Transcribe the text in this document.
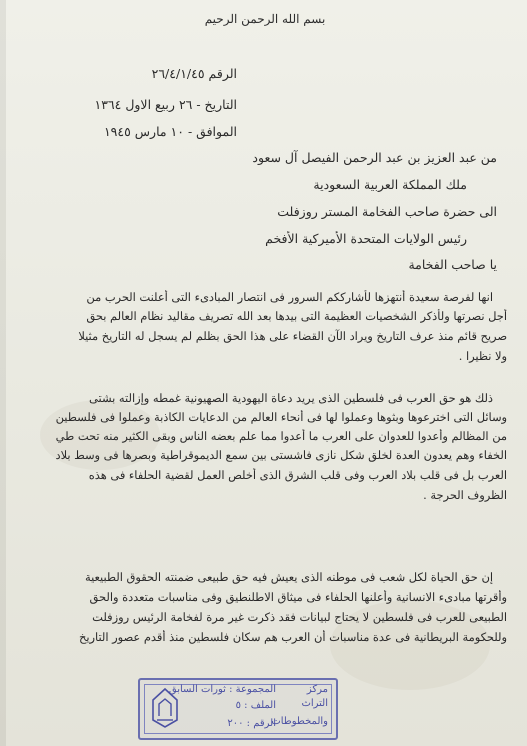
بسم الله الرحمن الرحيم
الرقم ٢٦/٤/١/٤٥
التاريخ - ٢٦ ربيع الاول ١٣٦٤
الموافق - ١٠ مارس ١٩٤٥
من عبد العزيز بن عبد الرحمن الفيصل آل سعود
ملك المملكة العربية السعودية
الى حضرة صاحب الفخامة المستر روزفلت
رئيس الولايات المتحدة الأميركية الأفخم
يا صاحب الفخامة
انها لفرصة سعيدة أنتهزها لأشارككم السرور فى انتصار المبادىء التى أعلنت الحرب من
أجل نصرتها ولأذكر الشخصيات العظيمة التى بيدها بعد الله تصريف مقاليد نظام العالم بحق
صريح قائم منذ عرف التاريخ ويراد الآن القضاء على هذا الحق بظلم لم يسجل له التاريخ مثيلا
ولا نظيرا .
ذلك هو حق العرب فى فلسطين الذى يريد دعاة اليهودية الصهيونية غمطه وإزالته بشتى
وسائل التى اخترعوها وبثوها وعملوا لها فى أنحاء العالم من الدعايات الكاذبة وعملوا فى فلسطين
من المظالم وأعدوا للعدوان على العرب ما أعدوا مما علم بعضه الناس وبقى الكثير منه تحت طي
الخفاء وهم يعدون العدة لخلق شكل نازى فاشستى بين سمع الديموقراطية وبصرها فى وسط بلاد
العرب بل فى قلب بلاد العرب وفى قلب الشرق الذى أخلص العمل لقضية الحلفاء فى هذه
الظروف الحرجة .
إن حق الحياة لكل شعب فى موطنه الذى يعيش فيه حق طبيعى ضمنته الحقوق الطبيعية
وأقرتها مبادىء الانسانية وأعلنها الحلفاء فى ميثاق الاطلنطيق وفى مناسبات متعددة والحق
الطبيعى للعرب فى فلسطين لا يحتاج لبيانات فقد ذكرت غير مرة لفخامة الرئيس روزفلت
وللحكومة البريطانية فى عدة مناسبات أن العرب هم سكان فلسطين منذ أقدم عصور التاريخ
مركز
المجموعة : ثورات السابق
التراث
الملف : ٥
والمخطوطات
الرقم : ٢٠٠
